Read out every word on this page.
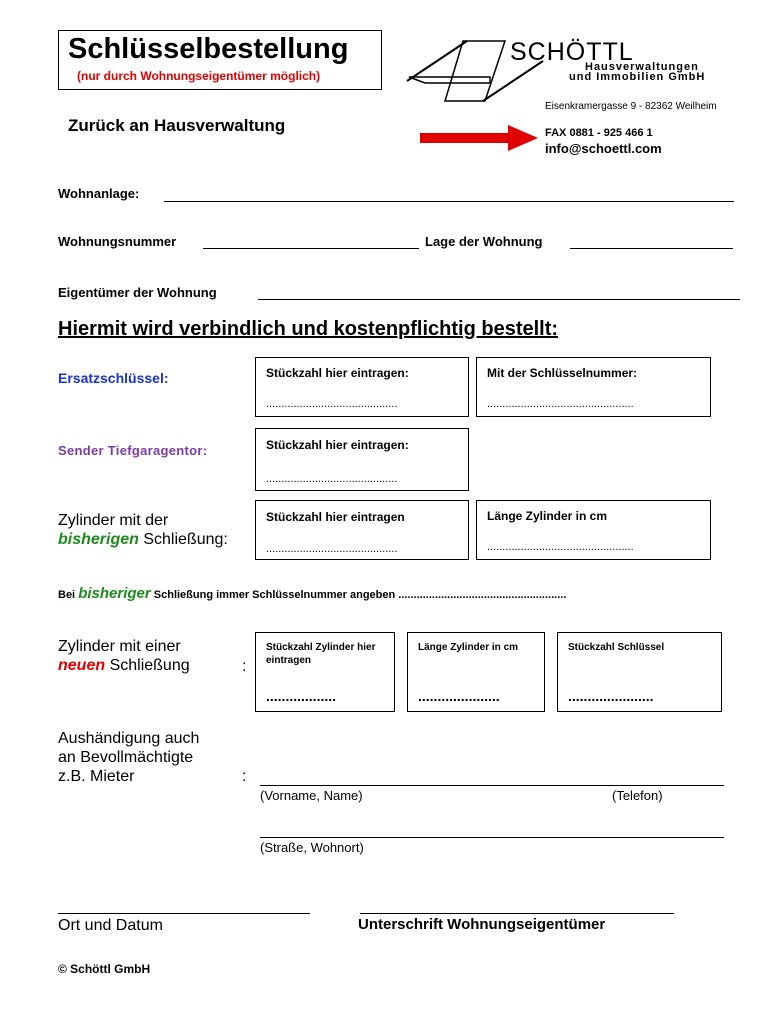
Schlüsselbestellung
(nur durch Wohnungseigentümer möglich)
SCHÖTTL
Hausverwaltungen
und Immobilien GmbH
Eisenkramergasse 9 - 82362 Weilheim
Zurück an Hausverwaltung	FAX 0881 - 925 466 1
info@schoettl.com
Wohnanlage:
Wohnungsnummer	Lage der Wohnung
Eigentümer der Wohnung
Hiermit wird verbindlich und kostenpflichtig bestellt:
Ersatzschlüssel:	Stückzahl hier eintragen:
...........................................
Mit der Schlüsselnummer:
................................................
Sender Tiefgaragentor:	Stückzahl hier eintragen:
...........................................
Zylinder mit der
bisherigen Schließung:
Stückzahl hier eintragen
...........................................
Länge Zylinder in cm
................................................
Bei bisheriger Schließung immer Schlüsselnummer angeben .......................................................
Zylinder mit einer
neuen Schließung	:
Stückzahl Zylinder hier eintragen
..................
Länge Zylinder in cm
.....................
Stückzahl Schlüssel
......................
Aushändigung auch
an Bevollmächtigte
z.B. Mieter	:
(Vorname, Name)	(Telefon)
(Straße, Wohnort)
Ort und Datum	Unterschrift Wohnungseigentümer
© Schöttl GmbH
